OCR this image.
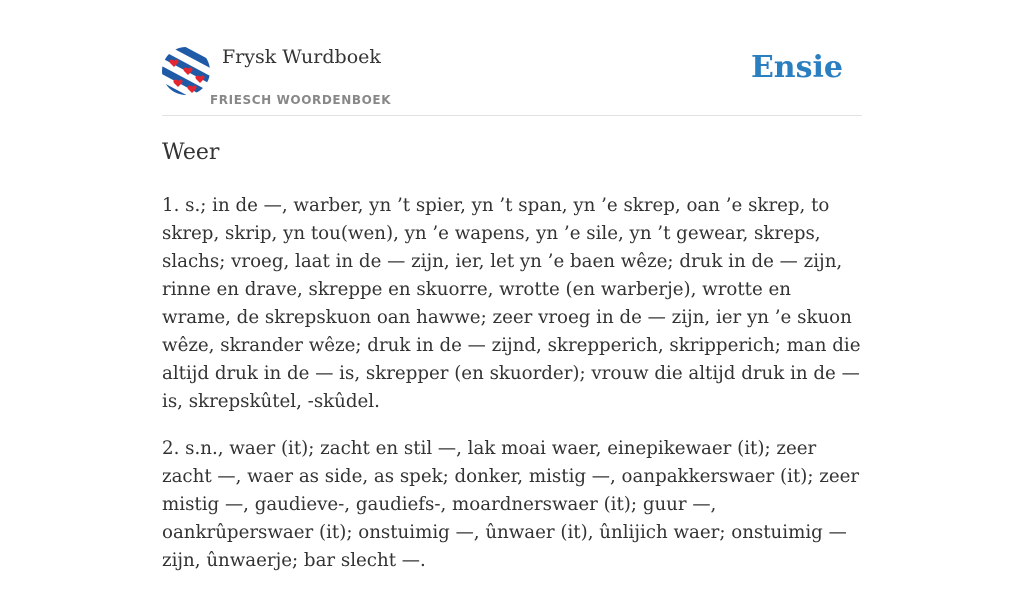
Frysk Wurdboek
FRIESCH WOORDENBOEK
Ensie
Weer

1. s.; in de —, warber, yn ’t spier, yn ’t span, yn ’e skrep, oan ’e skrep, to skrep, skrip, yn tou(wen), yn ’e wapens, yn ’e sile, yn ’t gewear, skreps, slachs; vroeg, laat in de — zijn, ier, let yn ’e baen wêze; druk in de — zijn, rinne en drave, skreppe en skuorre, wrotte (en warberje), wrotte en wrame, de skrepskuon oan hawwe; zeer vroeg in de — zijn, ier yn ’e skuon wêze, skrander wêze; druk in de — zijnd, skrepperich, skripperich; man die altijd druk in de — is, skrepper (en skuorder); vrouw die altijd druk in de — is, skrepskûtel, -skûdel.

2. s.n., waer (it); zacht en stil —, lak moai waer, einepikewaer (it); zeer zacht —, waer as side, as spek; donker, mistig —, oanpakkerswaer (it); zeer mistig —, gaudieve-, gaudiefs-, moardnerswaer (it); guur —, oankrûperswaer (it); onstuimig —, ûnwaer (it), ûnlijich waer; onstuimig — zijn, ûnwaerje; bar slecht —.
